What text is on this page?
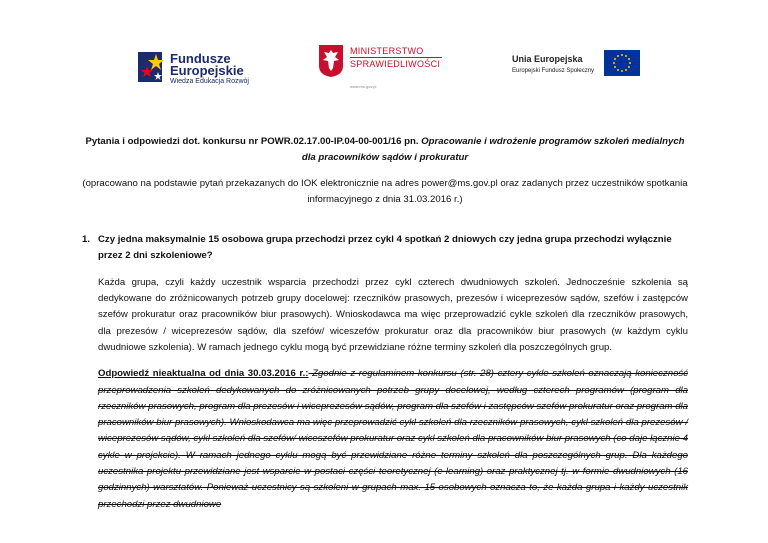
Fundusze
Europejskie
Wiedza Edukacja Rozwój
MINISTERSTWO
SPRAWIEDLIWOŚCI
www.ms.gov.pl
Unia Europejska
Europejski Fundusz Społeczny

Pytania i odpowiedzi dot. konkursu nr POWR.02.17.00-IP.04-00-001/16 pn. Opracowanie i wdrożenie programów szkoleń medialnych dla pracowników sądów i prokuratur

(opracowano na podstawie pytań przekazanych do IOK elektronicznie na adres power@ms.gov.pl oraz zadanych przez uczestników spotkania informacyjnego z dnia 31.03.2016 r.)

1. Czy jedna maksymalnie 15 osobowa grupa przechodzi przez cykl 4 spotkań 2 dniowych czy jedna grupa przechodzi wyłącznie przez 2 dni szkoleniowe?

Każda grupa, czyli każdy uczestnik wsparcia przechodzi przez cykl czterech dwudniowych szkoleń. Jednocześnie szkolenia są dedykowane do zróżnicowanych potrzeb grupy docelowej: rzeczników prasowych, prezesów i wiceprezesów sądów, szefów i zastępców szefów prokuratur oraz pracowników biur prasowych). Wnioskodawca ma więc przeprowadzić cykle szkoleń dla rzeczników prasowych, dla prezesów / wiceprezesów sądów, dla szefów/ wiceszefów prokuratur oraz dla pracowników biur prasowych (w każdym cyklu dwudniowe szkolenia). W ramach jednego cyklu mogą być przewidziane różne terminy szkoleń dla poszczególnych grup.

Odpowiedź nieaktualna od dnia 30.03.2016 r.: Zgodnie z regulaminem konkursu (str. 28) cztery cykle szkoleń oznaczają konieczność przeprowadzenia szkoleń dedykowanych do zróżnicowanych potrzeb grupy docelowej, według czterech programów (program dla rzeczników prasowych, program dla prezesów i wiceprezesów sądów, program dla szefów i zastępców szefów prokuratur oraz program dla pracowników biur prasowych). Wnioskodawca ma więc przeprowadzić cykl szkoleń dla rzeczników prasowych, cykl szkoleń dla prezesów / wiceprezesów sądów, cykl szkoleń dla szefów/ wiceszefów prokuratur oraz cykl szkoleń dla pracowników biur prasowych (co daje łącznie 4 cykle w projekcie). W ramach jednego cyklu mogą być przewidziane różne terminy szkoleń dla poszczególnych grup. Dla każdego uczestnika projektu przewidziane jest wsparcie w postaci części teoretycznej (e-learning) oraz praktycznej tj. w formie dwudniowych (16 godzinnych) warsztatów. Ponieważ uczestnicy są szkoleni w grupach max. 15 osobowych oznacza to, że każda grupa i każdy uczestnik przechodzi przez dwudniowe
